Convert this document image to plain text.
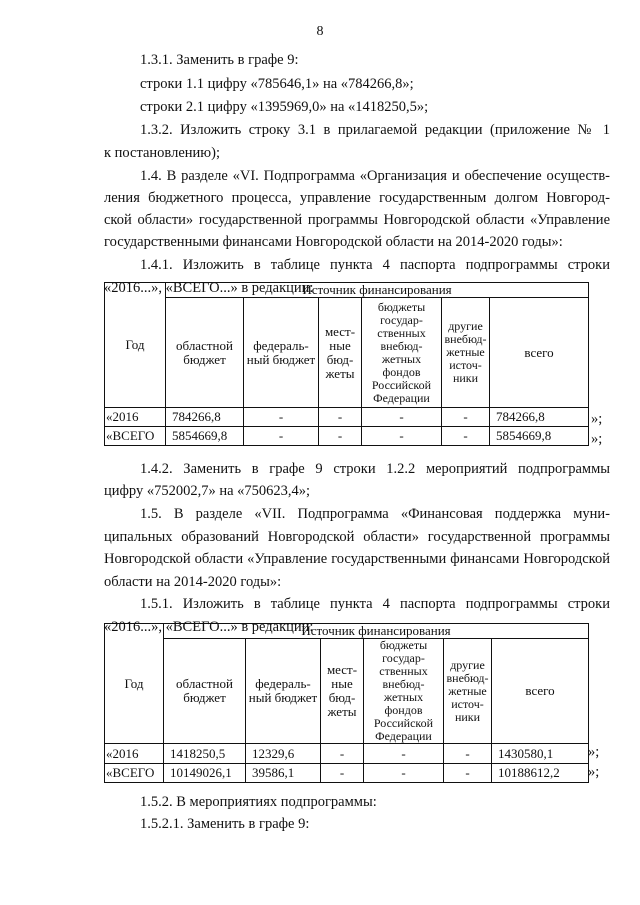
8
1.3.1. Заменить в графе 9:
строки 1.1 цифру «785646,1» на «784266,8»;
строки 2.1 цифру «1395969,0» на «1418250,5»;
1.3.2. Изложить строку 3.1 в прилагаемой редакции (приложение № 1
к постановлению);
1.4. В разделе «VI. Подпрограмма «Организация и обеспечение осуществ-
ления бюджетного процесса, управление государственным долгом Новгород-
ской области» государственной программы Новгородской области «Управление
государственными финансами Новгородской области на 2014-2020 годы»:
1.4.1. Изложить в таблице пункта 4 паспорта подпрограммы строки
«2016...», «ВСЕГО...» в редакции:
Год	Источник финансирования					
	областной бюджет	федераль-ный бюджет	мест-ные бюд-жеты	бюджеты государ-ственных внебюд-жетных фондов Российской Федерации	другие внебюд-жетные источ-ники	всего
«2016	784266,8	-	-	-	-	784266,8
«ВСЕГО	5854669,8	-	-	-	-	5854669,8
»;
»;
1.4.2. Заменить в графе 9 строки 1.2.2 мероприятий подпрограммы
цифру «752002,7» на «750623,4»;
1.5. В разделе «VII. Подпрограмма «Финансовая поддержка муни-
ципальных образований Новгородской области» государственной программы
Новгородской области «Управление государственными финансами Новгородской
области на 2014-2020 годы»:
1.5.1. Изложить в таблице пункта 4 паспорта подпрограммы строки
«2016...», «ВСЕГО...» в редакции:
Год	Источник финансирования					
	областной бюджет	федераль-ный бюджет	мест-ные бюд-жеты	бюджеты государ-ственных внебюд-жетных фондов Российской Федерации	другие внебюд-жетные источ-ники	всего
«2016	1418250,5	12329,6	-	-	-	1430580,1
«ВСЕГО	10149026,1	39586,1	-	-	-	10188612,2
»;
»;
1.5.2. В мероприятиях подпрограммы:
1.5.2.1. Заменить в графе 9:
